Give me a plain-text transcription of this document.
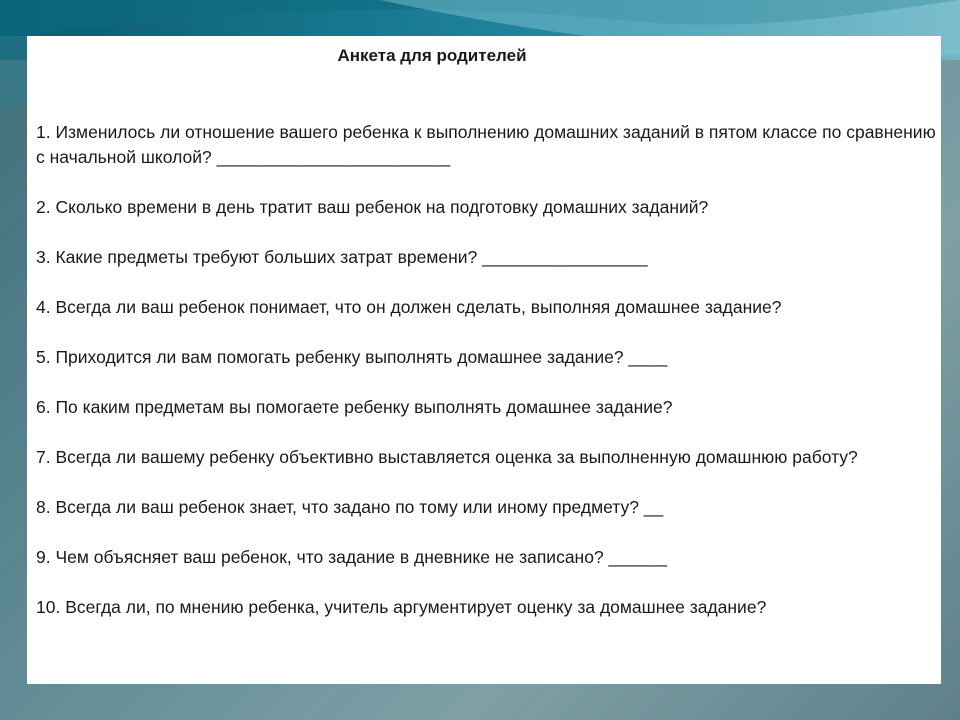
Анкета для родителей
1. Изменилось ли отношение вашего ребенка к выполнению домашних заданий в пятом классе по сравнению с начальной школой? ________________________
2. Сколько времени в день тратит ваш ребенок на подготовку домашних заданий?
3. Какие предметы требуют больших затрат времени? _________________
4. Всегда ли ваш ребенок понимает, что он должен сделать, выполняя домашнее задание?
5. Приходится ли вам помогать ребенку выполнять домашнее задание? ____
6. По каким предметам вы помогаете ребенку выполнять домашнее задание?
7. Всегда ли вашему ребенку объективно выставляется оценка за выполненную домашнюю работу?
8. Всегда ли ваш ребенок знает, что задано по тому или иному предмету? __
9. Чем объясняет ваш ребенок, что задание в дневнике не записано? ______
10. Всегда ли, по мнению ребенка, учитель аргументирует оценку за домашнее задание?
